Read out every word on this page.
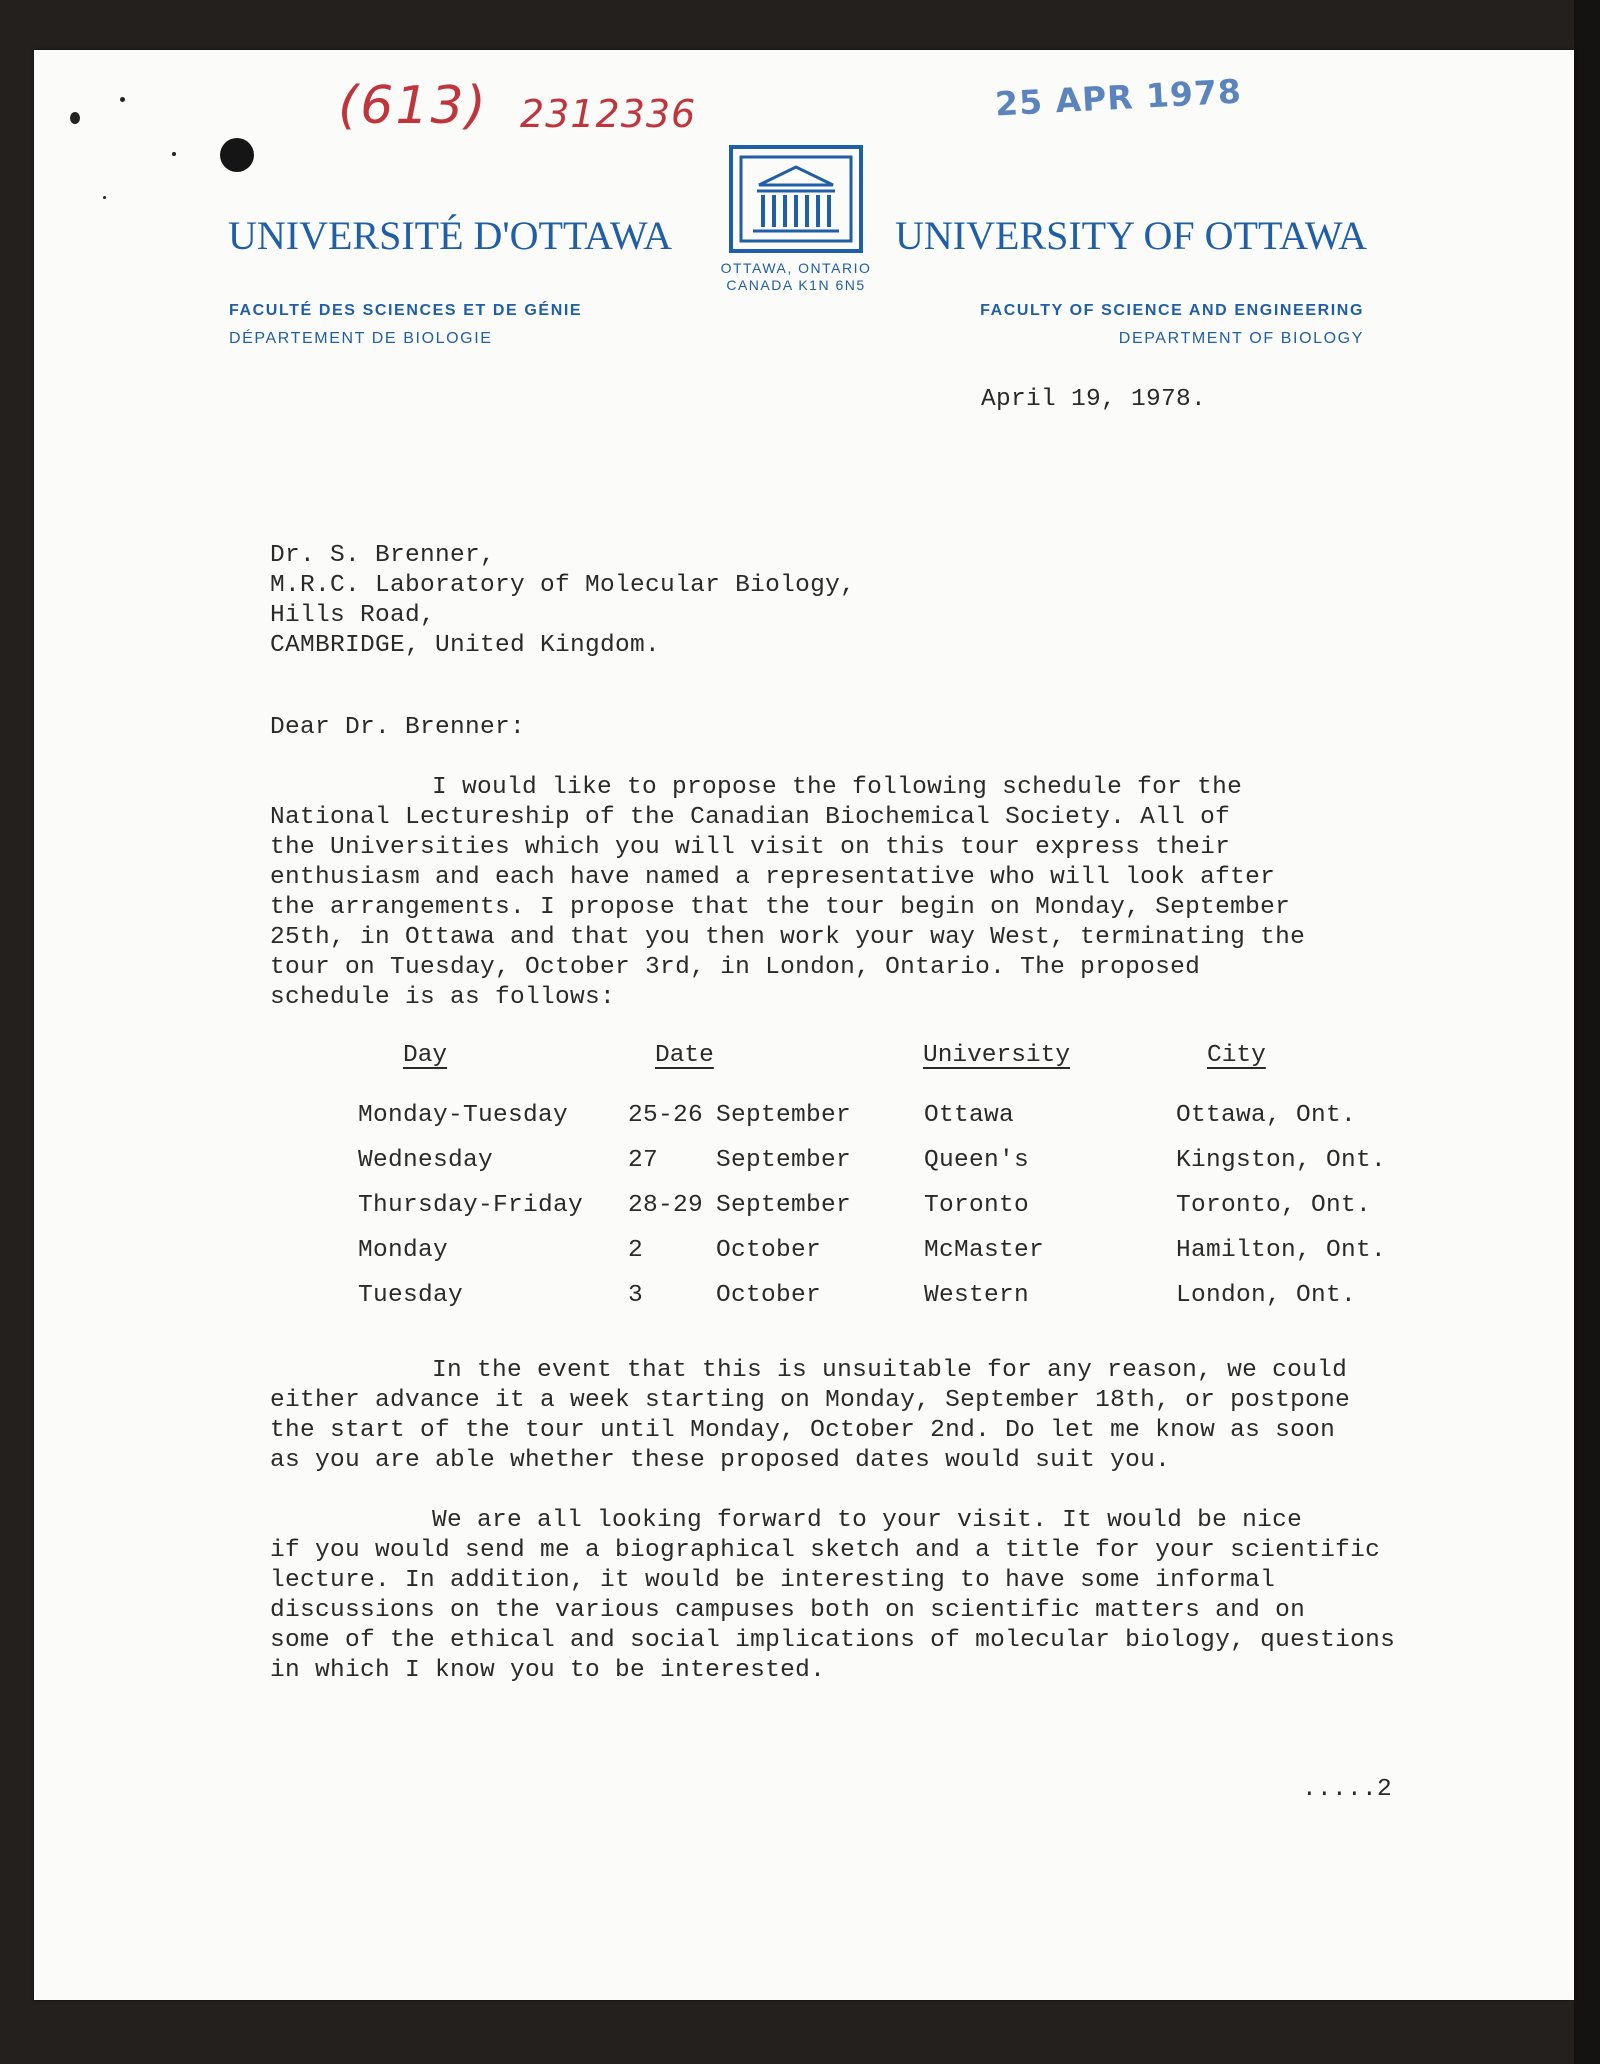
(613) 2312336	25 APR 1978
UNIVERSITÉ D'OTTAWA	UNIVERSITY OF OTTAWA
OTTAWA, ONTARIO
CANADA K1N 6N5
FACULTÉ DES SCIENCES ET DE GÉNIE
DÉPARTEMENT DE BIOLOGIE
FACULTY OF SCIENCE AND ENGINEERING
DEPARTMENT OF BIOLOGY
April 19, 1978.
Dr. S. Brenner,
M.R.C. Laboratory of Molecular Biology,
Hills Road,
CAMBRIDGE, United Kingdom.
Dear Dr. Brenner:
I would like to propose the following schedule for the
National Lectureship of the Canadian Biochemical Society. All of
the Universities which you will visit on this tour express their
enthusiasm and each have named a representative who will look after
the arrangements. I propose that the tour begin on Monday, September
25th, in Ottawa and that you then work your way West, terminating the
tour on Tuesday, October 3rd, in London, Ontario. The proposed
schedule is as follows:
Day	Date	University	City
Monday-Tuesday 25-26 September	Ottawa	Ottawa, Ont.
Wednesday	27 September	Queen's	Kingston, Ont.
Thursday-Friday 28-29 September	Toronto	Toronto, Ont.
Monday	2	October	McMaster	Hamilton, Ont.
Tuesday	3	October	Western	London, Ont.
In the event that this is unsuitable for any reason, we could
either advance it a week starting on Monday, September 18th, or postpone
the start of the tour until Monday, October 2nd. Do let me know as soon
as you are able whether these proposed dates would suit you.
We are all looking forward to your visit. It would be nice
if you would send me a biographical sketch and a title for your scientific
lecture. In addition, it would be interesting to have some informal
discussions on the various campuses both on scientific matters and on
some of the ethical and social implications of molecular biology, questions
in which I know you to be interested.
.....2
